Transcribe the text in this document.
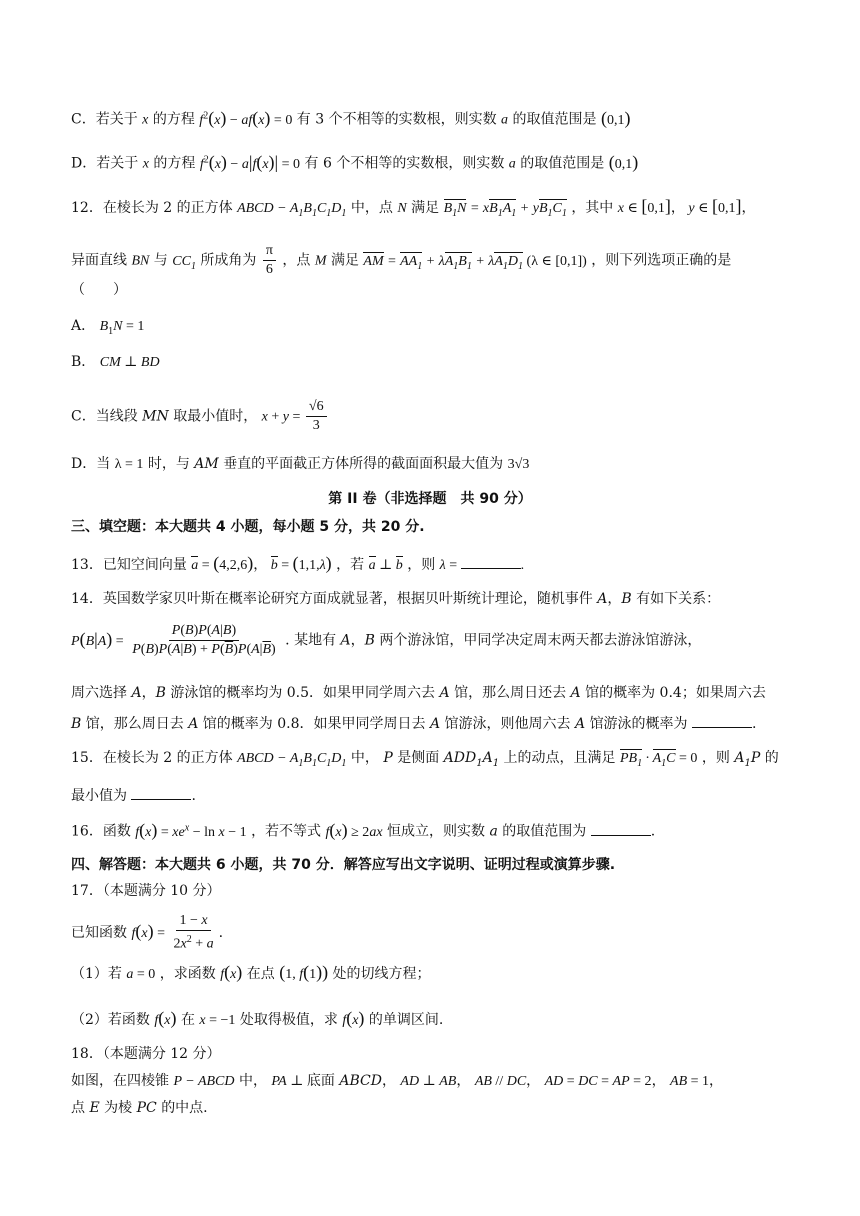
C．若关于 x 的方程 $f^2(x) - af(x) = 0$ 有 3 个不相等的实数根，则实数 a 的取值范围是 (0,1)
D．若关于 x 的方程 $f^2(x) - a|f(x)| = 0$ 有 6 个不相等的实数根，则实数 a 的取值范围是 (0,1)
12．在棱长为 2 的正方体 ABCD − $A_1B_1C_1D_1$ 中，点 N 满足 $B_1N = xB_1A_1 + yB_1C_1$ ，其中 x ∈ [0,1]， y ∈ [0,1]，
异面直线 BN 与 $CC_1$ 所成角为 $\frac{\pi}{6}$ ，点 M 满足 AM = $AA_1 + \lambda A_1B_1 + \lambda A_1D_1$ (λ ∈ [0,1]) ，则下列选项正确的是
（　　）
A． $B_1N = 1$
B． CM ⊥ BD
C．当线段 MN 取最小值时， $x + y = \frac{√6}{3}$
D．当 λ = 1 时，与 AM 垂直的平面截正方体所得的截面面积最大值为 3√3
第 II 卷（非选择题　共 90 分）
三、填空题：本大题共 4 小题，每小题 5 分，共 20 分.
13．已知空间向量 a = (4,2,6)， b = (1,1,λ) ，若 a ⊥ b ，则 λ =	.
14．英国数学家贝叶斯在概率论研究方面成就显著，根据贝叶斯统计理论，随机事件 A，B 有如下关系：
$P(B|A) = \frac{P(B)P(A|B)}{P(B)P(A|B) + P(\overline{B})P(A|\overline{B})}$ . 某地有 A，B 两个游泳馆，甲同学决定周末两天都去游泳馆游泳，
周六选择 A，B 游泳馆的概率均为 0.5．如果甲同学周六去 A 馆，那么周日还去 A 馆的概率为 0.4；如果周六去
B 馆，那么周日去 A 馆的概率为 0.8．如果甲同学周日去 A 馆游泳，则他周六去 A 馆游泳的概率为	.
15．在棱长为 2 的正方体 ABCD − $A_1B_1C_1D_1$ 中， P 是侧面 $ADD_1A_1$ 上的动点，且满足 $PB_1 \cdot A_1C = 0$ ，则 $A_1P$ 的
最小值为	.
16．函数 $f(x) = xe^x - \ln x - 1$ ，若不等式 f(x) ≥ 2ax 恒成立，则实数 a 的取值范围为	.
四、解答题：本大题共 6 小题，共 70 分．解答应写出文字说明、证明过程或演算步骤.
17．（本题满分 10 分）
已知函数 $f(x) = \frac{1 - x}{2x^2 + a}$ .
（1）若 a = 0 ，求函数 f(x) 在点 (1, f(1)) 处的切线方程；
（2）若函数 f(x) 在 x = −1 处取得极值，求 f(x) 的单调区间.
18．（本题满分 12 分）
如图，在四棱锥 P − ABCD 中， PA ⊥ 底面 ABCD， AD ⊥ AB， AB // DC， AD = DC = AP = 2， AB = 1，
点 E 为棱 PC 的中点.
